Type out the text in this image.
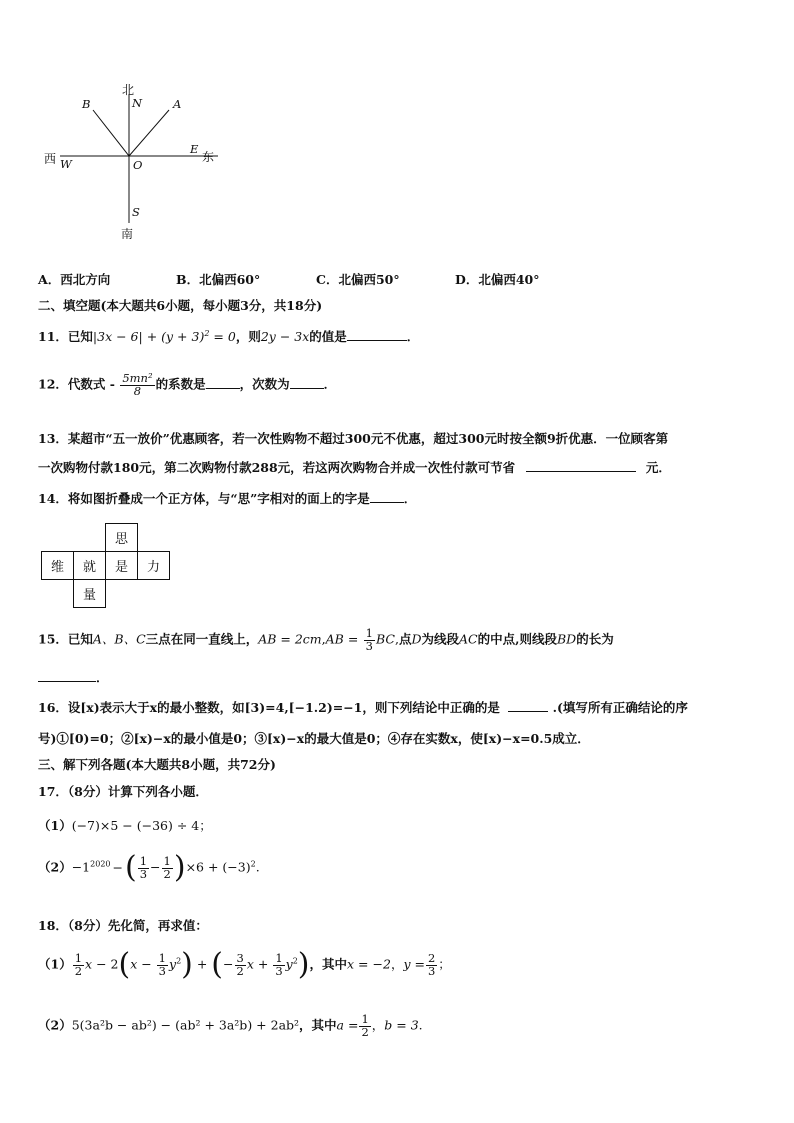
北
N
B	A
西 W	O
E
东
S
南
A．西北方向	B．北偏西60°	C．北偏西50°	D．北偏西40°
二、填空题(本大题共6小题，每小题3分，共18分)
11．已知$|3x - 6| + (y + 3)^2 = 0$，则2y − 3x的值是	．
12．代数式 - $\frac{\text{5mn²}}{8}$ 的系数是	，次数为	．
13．某超市“五一放价”优惠顾客，若一次性购物不超过300元不优惠，超过300元时按全额9折优惠．一位顾客第
一次购物付款180元，第二次购物付款288元，若这两次购物合并成一次性付款可节省	元．
14．将如图折叠成一个正方体，与“思”字相对的面上的字是	．
		思	
维	就	是	力
	量		
15．已知A、B、C三点在同一直线上，AB = $2cm,AB = \frac{1}{3}$ BC,点D为线段AC的中点,则线段BD的长为
．
16．设[x)表示大于x的最小整数，如[3)=4,[−1.2)=−1，则下列结论中正确的是	.(填写所有正确结论的序
号)①[0)=0；②[x)−x的最小值是0；③[x)−x的最大值是0；④存在实数x，使[x)−x=0.5成立．
三、解下列各题(本大题共8小题，共72分)
17．（8分）计算下列各小题．
（1）(−7)×5 − (−36) ÷ 4；
$(2)-1^{2020}$ −( $\frac{1}{3} - \frac{1}{2} )\times 6 + (-3)^2$.
18．（8分）先化简，再求值：
$(1) \frac{1}{2}$ $x - 2(x - \frac{1}{3} y^2)$ + (− $\frac{3}{2}$ $x + \frac{1}{3} y^2$)，其中x = −2，$y = \frac{2}{3}$ ；
（2）5(3a²b − ab²) − (ab² + 3a²b) + 2ab²，其中$a = \frac{1}{2}$ ，b = 3.
